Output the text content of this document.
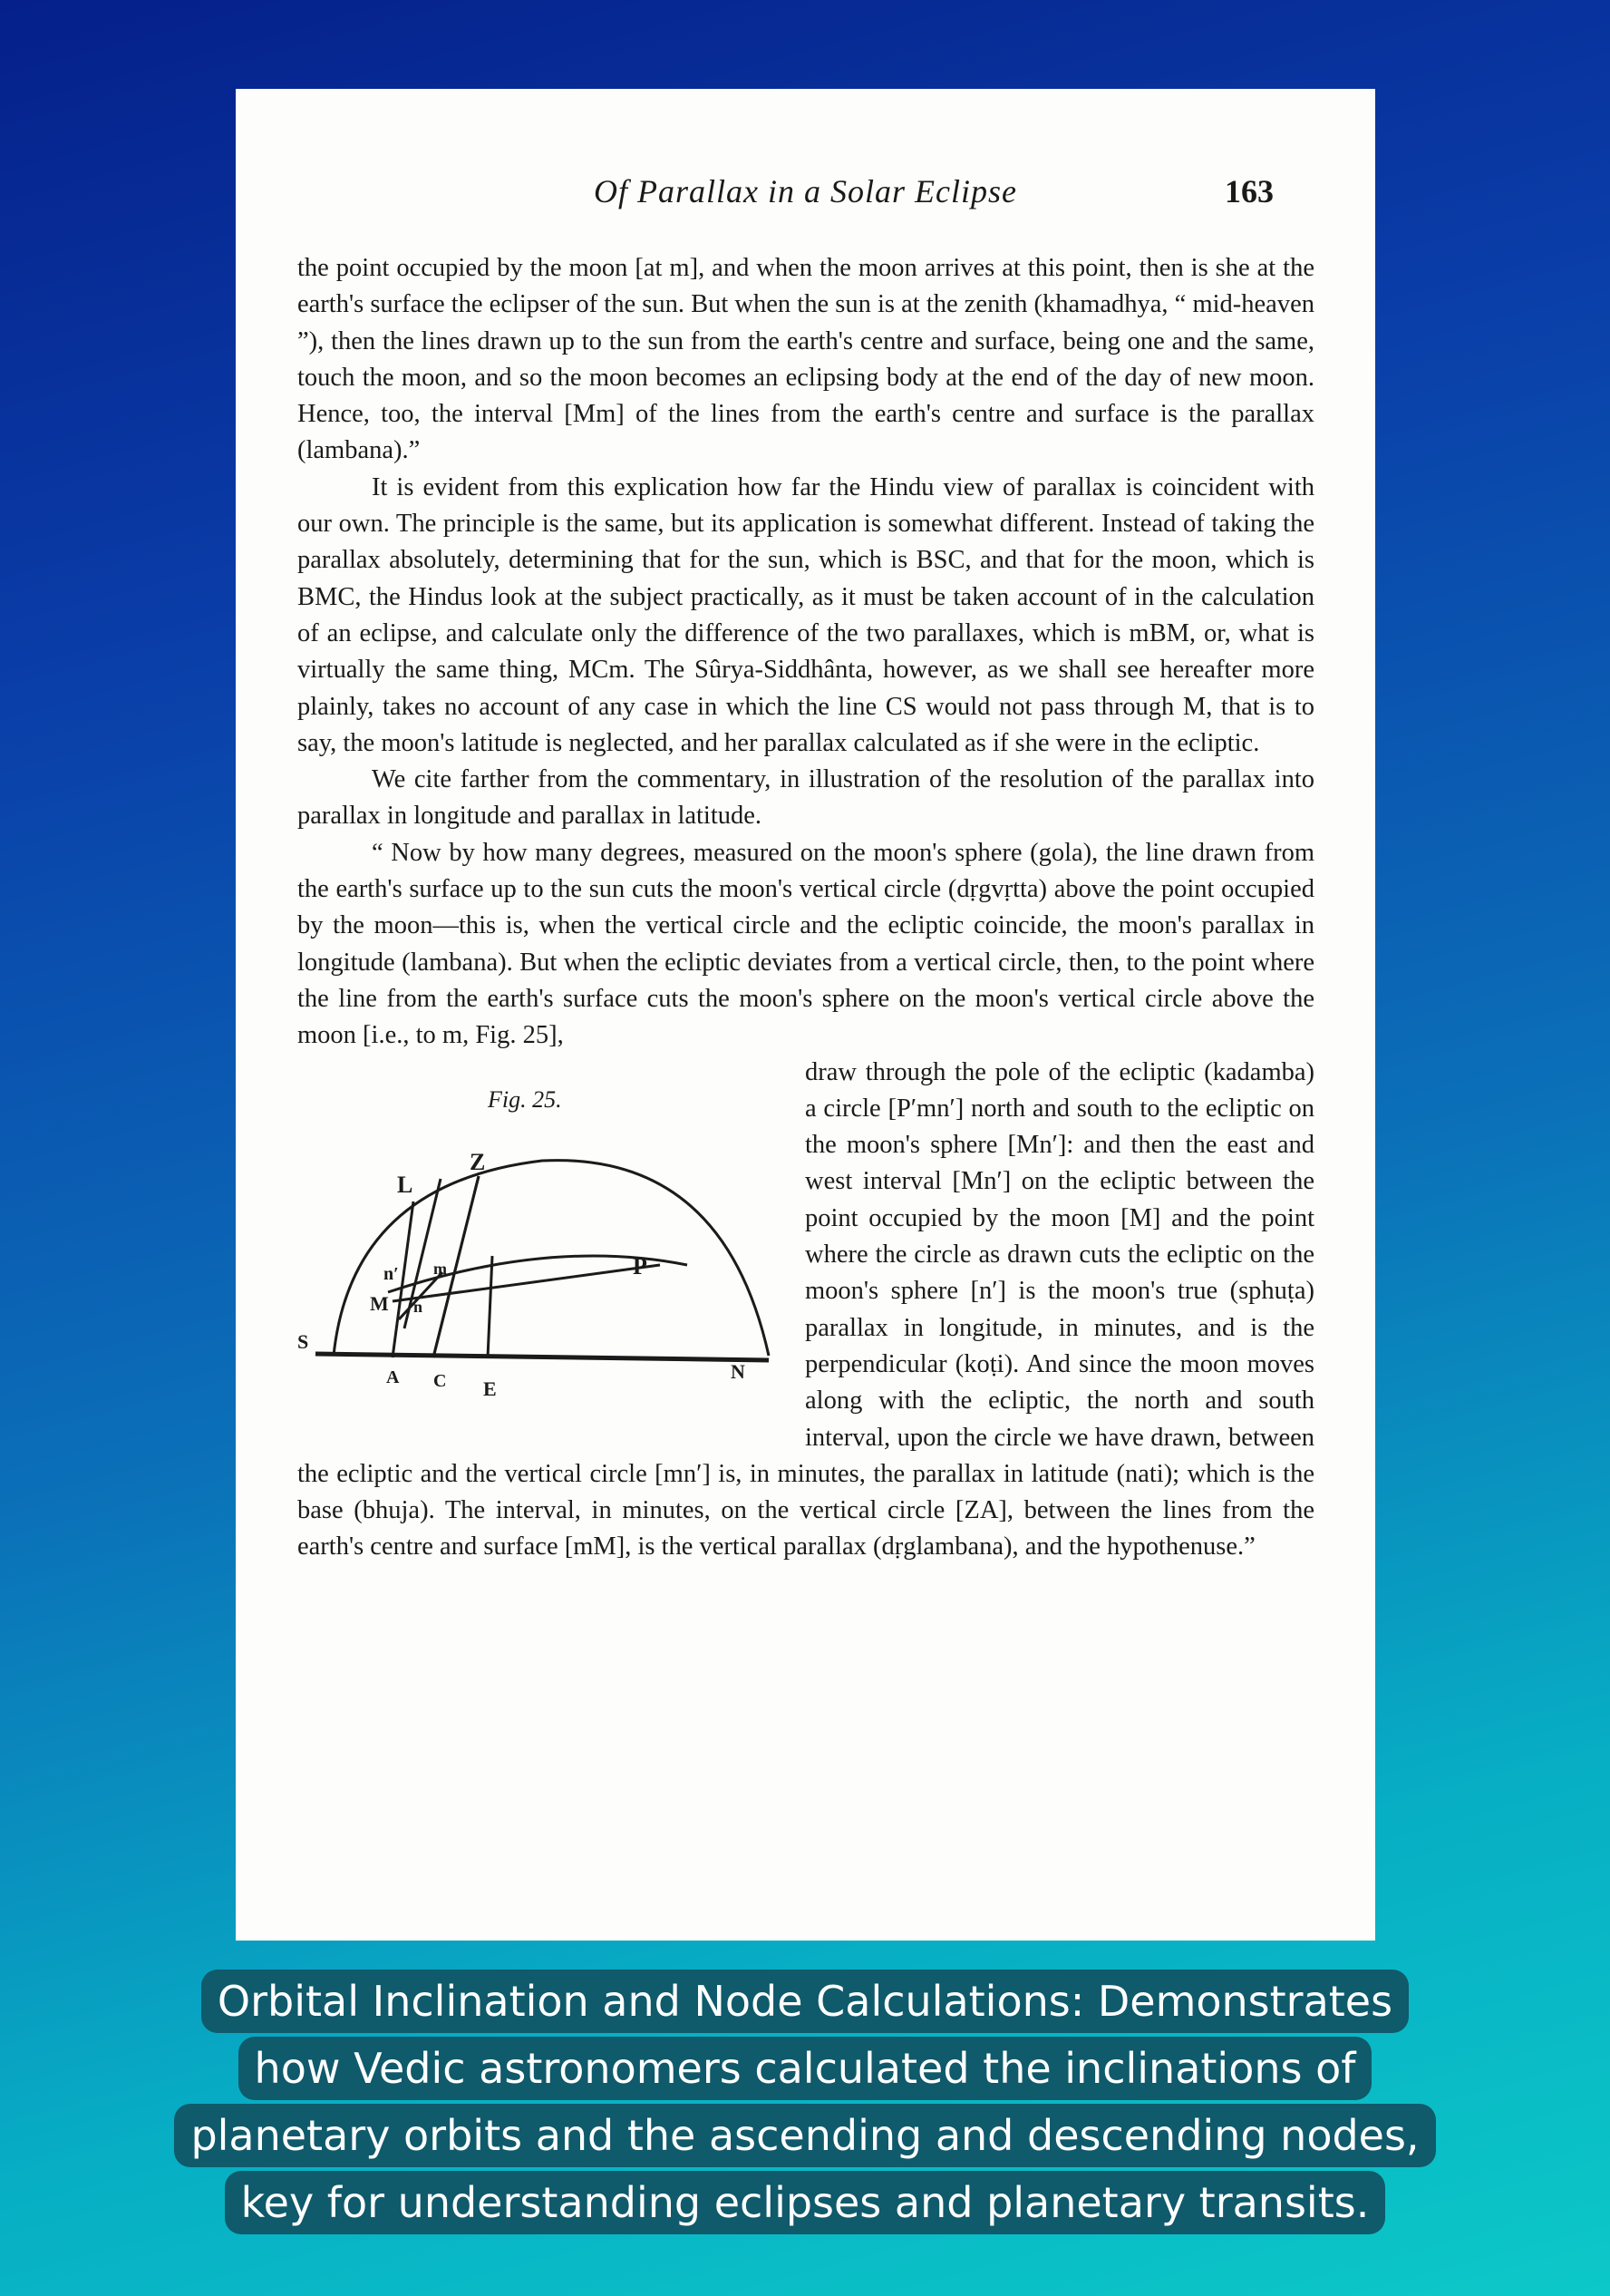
Of Parallax in a Solar Eclipse	163

the point occupied by the moon [at m], and when the moon arrives at this point, then is she at the earth's surface the eclipser of the sun. But when the sun is at the zenith (khamadhya, “ mid-heaven ”), then the lines drawn up to the sun from the earth's centre and surface, being one and the same, touch the moon, and so the moon becomes an eclipsing body at the end of the day of new moon. Hence, too, the interval [Mm] of the lines from the earth's centre and surface is the parallax (lambana).”

It is evident from this explication how far the Hindu view of parallax is coincident with our own. The principle is the same, but its application is somewhat different. Instead of taking the parallax absolutely, determining that for the sun, which is BSC, and that for the moon, which is BMC, the Hindus look at the subject practically, as it must be taken account of in the calculation of an eclipse, and calculate only the difference of the two parallaxes, which is mBM, or, what is virtually the same thing, MCm. The Sûrya-Siddhânta, however, as we shall see hereafter more plainly, takes no account of any case in which the line CS would not pass through M, that is to say, the moon's latitude is neglected, and her parallax calculated as if she were in the ecliptic.

We cite farther from the commentary, in illustration of the resolution of the parallax into parallax in longitude and parallax in latitude.

“ Now by how many degrees, measured on the moon's sphere (gola), the line drawn from the earth's surface up to the sun cuts the moon's vertical circle (dṛgvṛtta) above the point occupied by the moon—this is, when the vertical circle and the ecliptic coincide, the moon's parallax in longitude (lambana). But when the ecliptic deviates from a vertical circle, then, to the point where the line from the earth's surface cuts the moon's sphere on the moon's vertical circle above the moon [i.e., to m, Fig. 25],

Fig. 25.
L
Z
n′ m	P
M n
S
A C E
N

draw through the pole of the ecliptic (kadamba) a circle [P′mn′] north and south to the ecliptic on the moon's sphere [Mn′]: and then the east and west interval [Mn′] on the ecliptic between the point occupied by the moon [M] and the point where the circle as drawn cuts the ecliptic on the moon's sphere [n′] is the moon's true (sphuṭa) parallax in longitude, in minutes, and is the perpendicular (koṭi). And since the moon moves along with the ecliptic, the north and south interval, upon the circle we have drawn, between the ecliptic and the vertical circle [mn′] is, in minutes, the parallax in latitude (nati); which is the base (bhuja). The interval, in minutes, on the vertical circle [ZA], between the lines from the earth's centre and surface [mM], is the vertical parallax (dṛglambana), and the hypothenuse.”

Orbital Inclination and Node Calculations: Demonstrates
how Vedic astronomers calculated the inclinations of
planetary orbits and the ascending and descending nodes,
key for understanding eclipses and planetary transits.
